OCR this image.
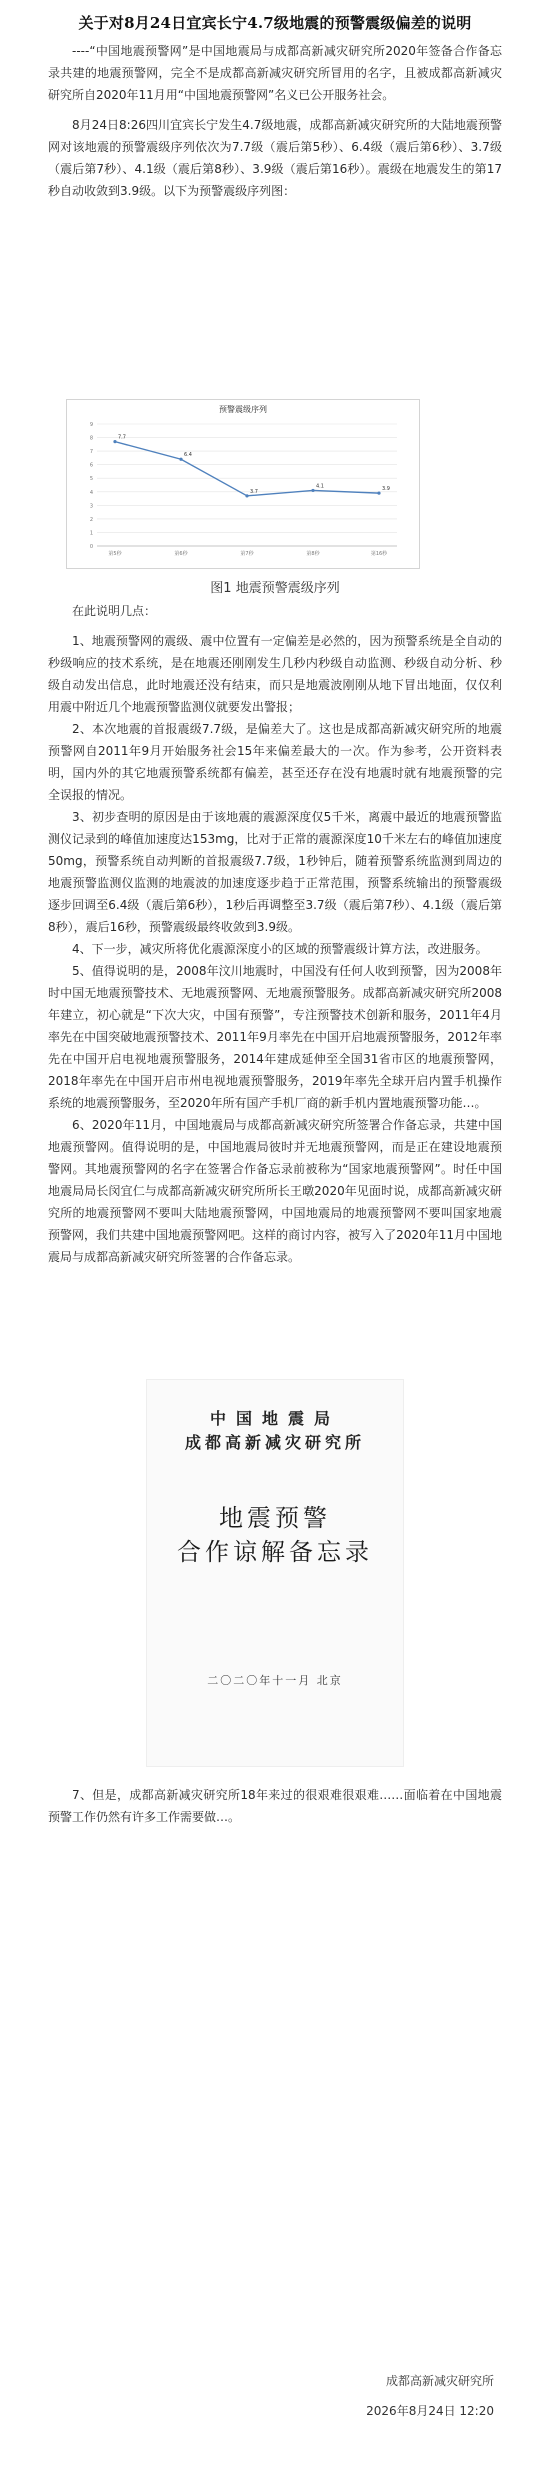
关于对8月24日宜宾长宁4.7级地震的预警震级偏差的说明

----“中国地震预警网”是中国地震局与成都高新减灾研究所2020年签备合作备忘录共建的地震预警网，完全不是成都高新减灾研究所冒用的名字，且被成都高新减灾研究所自2020年11月用“中国地震预警网”名义已公开服务社会。

8月24日8:26四川宜宾长宁发生4.7级地震，成都高新减灾研究所的大陆地震预警网对该地震的预警震级序列依次为7.7级（震后第5秒）、6.4级（震后第6秒）、3.7级（震后第7秒）、4.1级（震后第8秒）、3.9级（震后第16秒）。震级在地震发生的第17秒自动收敛到3.9级。以下为预警震级序列图：

预警震级序列
0
1
2
3
4
5
6
7
8
9
7.7
第5秒
6.4
第6秒
3.7
第7秒
4.1
第8秒
3.9
第16秒
图1 地震预警震级序列

在此说明几点：

1、地震预警网的震级、震中位置有一定偏差是必然的，因为预警系统是全自动的秒级响应的技术系统，是在地震还刚刚发生几秒内秒级自动监测、秒级自动分析、秒级自动发出信息，此时地震还没有结束，而只是地震波刚刚从地下冒出地面，仅仅利用震中附近几个地震预警监测仪就要发出警报；

2、本次地震的首报震级7.7级，是偏差大了。这也是成都高新减灾研究所的地震预警网自2011年9月开始服务社会15年来偏差最大的一次。作为参考，公开资料表明，国内外的其它地震预警系统都有偏差，甚至还存在没有地震时就有地震预警的完全误报的情况。

3、初步查明的原因是由于该地震的震源深度仅5千米，离震中最近的地震预警监测仪记录到的峰值加速度达153mg，比对于正常的震源深度10千米左右的峰值加速度50mg，预警系统自动判断的首报震级7.7级，1秒钟后，随着预警系统监测到周边的地震预警监测仪监测的地震波的加速度逐步趋于正常范围，预警系统输出的预警震级逐步回调至6.4级（震后第6秒），1秒后再调整至3.7级（震后第7秒）、4.1级（震后第8秒），震后16秒，预警震级最终收敛到3.9级。

4、下一步，减灾所将优化震源深度小的区域的预警震级计算方法，改进服务。

5、值得说明的是，2008年汶川地震时，中国没有任何人收到预警，因为2008年时中国无地震预警技术、无地震预警网、无地震预警服务。成都高新减灾研究所2008年建立，初心就是“下次大灾，中国有预警”，专注预警技术创新和服务，2011年4月率先在中国突破地震预警技术、2011年9月率先在中国开启地震预警服务，2012年率先在中国开启电视地震预警服务，2014年建成延伸至全国31省市区的地震预警网，2018年率先在中国开启市州电视地震预警服务，2019年率先全球开启内置手机操作系统的地震预警服务，至2020年所有国产手机厂商的新手机内置地震预警功能…。

6、2020年11月，中国地震局与成都高新减灾研究所签署合作备忘录，共建中国地震预警网。值得说明的是，中国地震局彼时并无地震预警网，而是正在建设地震预警网。其地震预警网的名字在签署合作备忘录前被称为“国家地震预警网”。时任中国地震局局长闵宜仁与成都高新减灾研究所所长王暾2020年见面时说，成都高新减灾研究所的地震预警网不要叫大陆地震预警网，中国地震局的地震预警网不要叫国家地震预警网，我们共建中国地震预警网吧。这样的商讨内容，被写入了2020年11月中国地震局与成都高新减灾研究所签署的合作备忘录。

中国地震局
成都高新减灾研究所
地震预警
合作谅解备忘录
二〇二〇年十一月 北京

7、但是，成都高新减灾研究所18年来过的很艰难很艰难……面临着在中国地震预警工作仍然有许多工作需要做…。

成都高新减灾研究所
2026年8月24日 12:20
